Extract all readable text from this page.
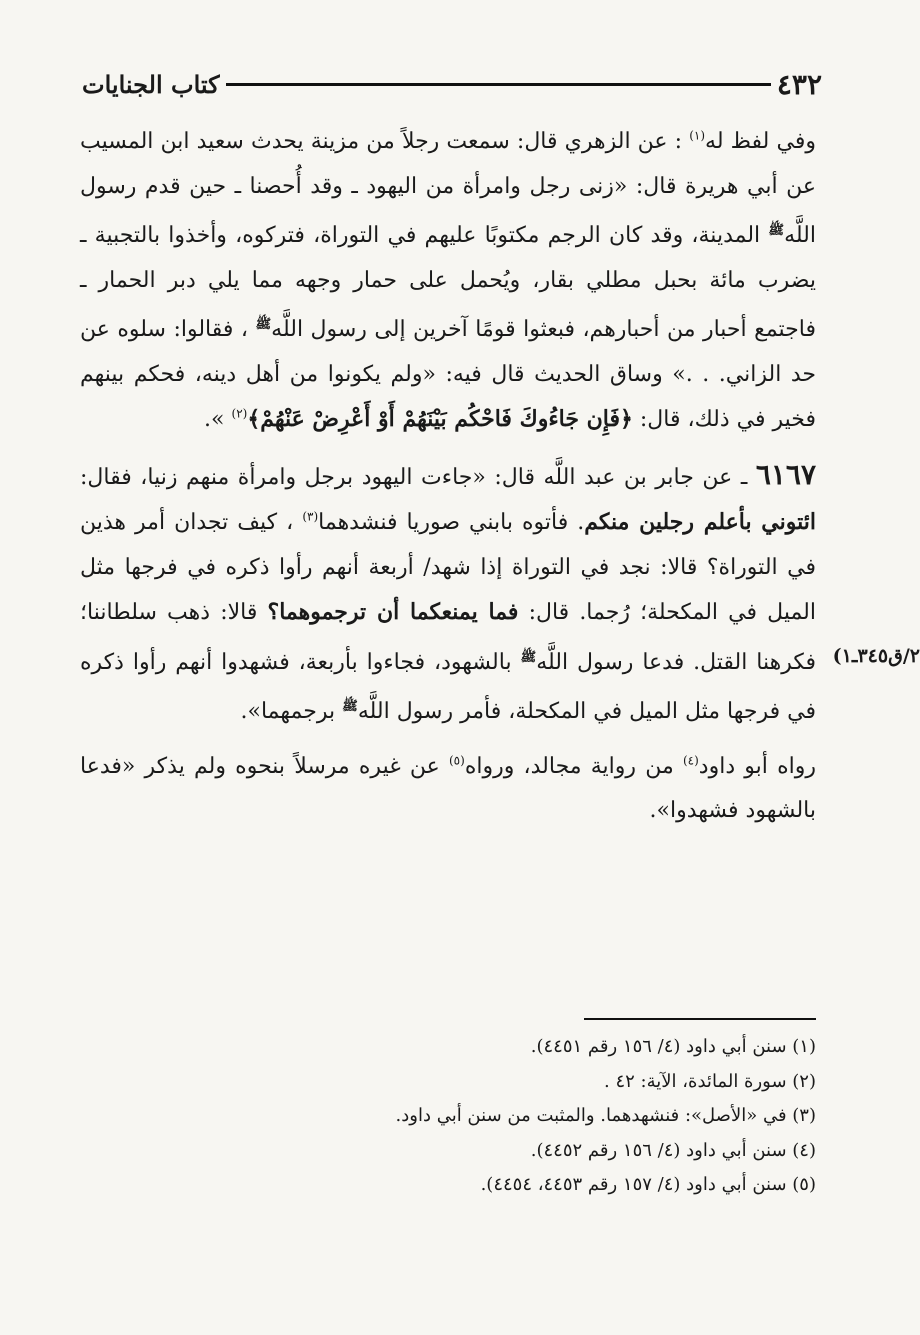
٤٣٢
كتاب الجنايات

وفي لفظ له$^{(١)}$ : عن الزهري قال: سمعت رجلاً من مزينة يحدث سعيد ابن المسيب عن أبي هريرة قال: «زنى رجل وامرأة من اليهود ـ وقد أُحصنا ـ حين قدم رسول اللَّه$^ﷺ$ المدينة، وقد كان الرجم مكتوبًا عليهم في التوراة، فتركوه، وأخذوا بالتجبية ـ يضرب مائة بحبل مطلي بقار، ويُحمل على حمار وجهه مما يلي دبر الحمار ـ فاجتمع أحبار من أحبارهم، فبعثوا قومًا آخرين إلى رسول اللَّه$^ﷺ$ ، فقالوا: سلوه عن حد الزاني. . .» وساق الحديث قال فيه: «ولم يكونوا من أهل دينه، فحكم بينهم فخير في ذلك، قال: ﴿فَإِن جَاءُوكَ فَاحْكُم بَيْنَهُمْ أَوْ أَعْرِضْ عَنْهُمْ﴾$^{(٢)}$ ».

٦١٦٧ ـ عن جابر بن عبد اللَّه قال: «جاءت اليهود برجل وامرأة منهم زنيا، فقال: ائتوني بأعلم رجلين منكم. فأتوه بابني صوريا فنشدهما$^{(٣)}$ ، كيف تجدان أمر هذين في التوراة؟ قالا: نجد في التوراة إذا شهد/ أربعة أنهم رأوا ذكره في فرجها مثل الميل في المكحلة؛ رُجما. قال: فما يمنعكما أن ترجموهما؟ قالا: ذهب سلطاننا؛ فكرهنا القتل. فدعا رسول اللَّه$^ﷺ$ بالشهود، فجاءوا بأربعة، فشهدوا أنهم رأوا ذكره في فرجها مثل الميل في المكحلة، فأمر رسول اللَّه$^ﷺ$ برجمهما».

رواه أبو داود$^{(٤)}$ من رواية مجالد، ورواه$^{(٥)}$ عن غيره مرسلاً بنحوه ولم يذكر «فدعا بالشهود فشهدوا».

٢/ق٣٤٥ـ١)

(١) سنن أبي داود (٤/ ١٥٦ رقم ٤٤٥١).

(٢) سورة المائدة، الآية: ٤٢ .

(٣) في «الأصل»: فنشهدهما. والمثبت من سنن أبي داود.

(٤) سنن أبي داود (٤/ ١٥٦ رقم ٤٤٥٢).

(٥) سنن أبي داود (٤/ ١٥٧ رقم ٤٤٥٣، ٤٤٥٤).
